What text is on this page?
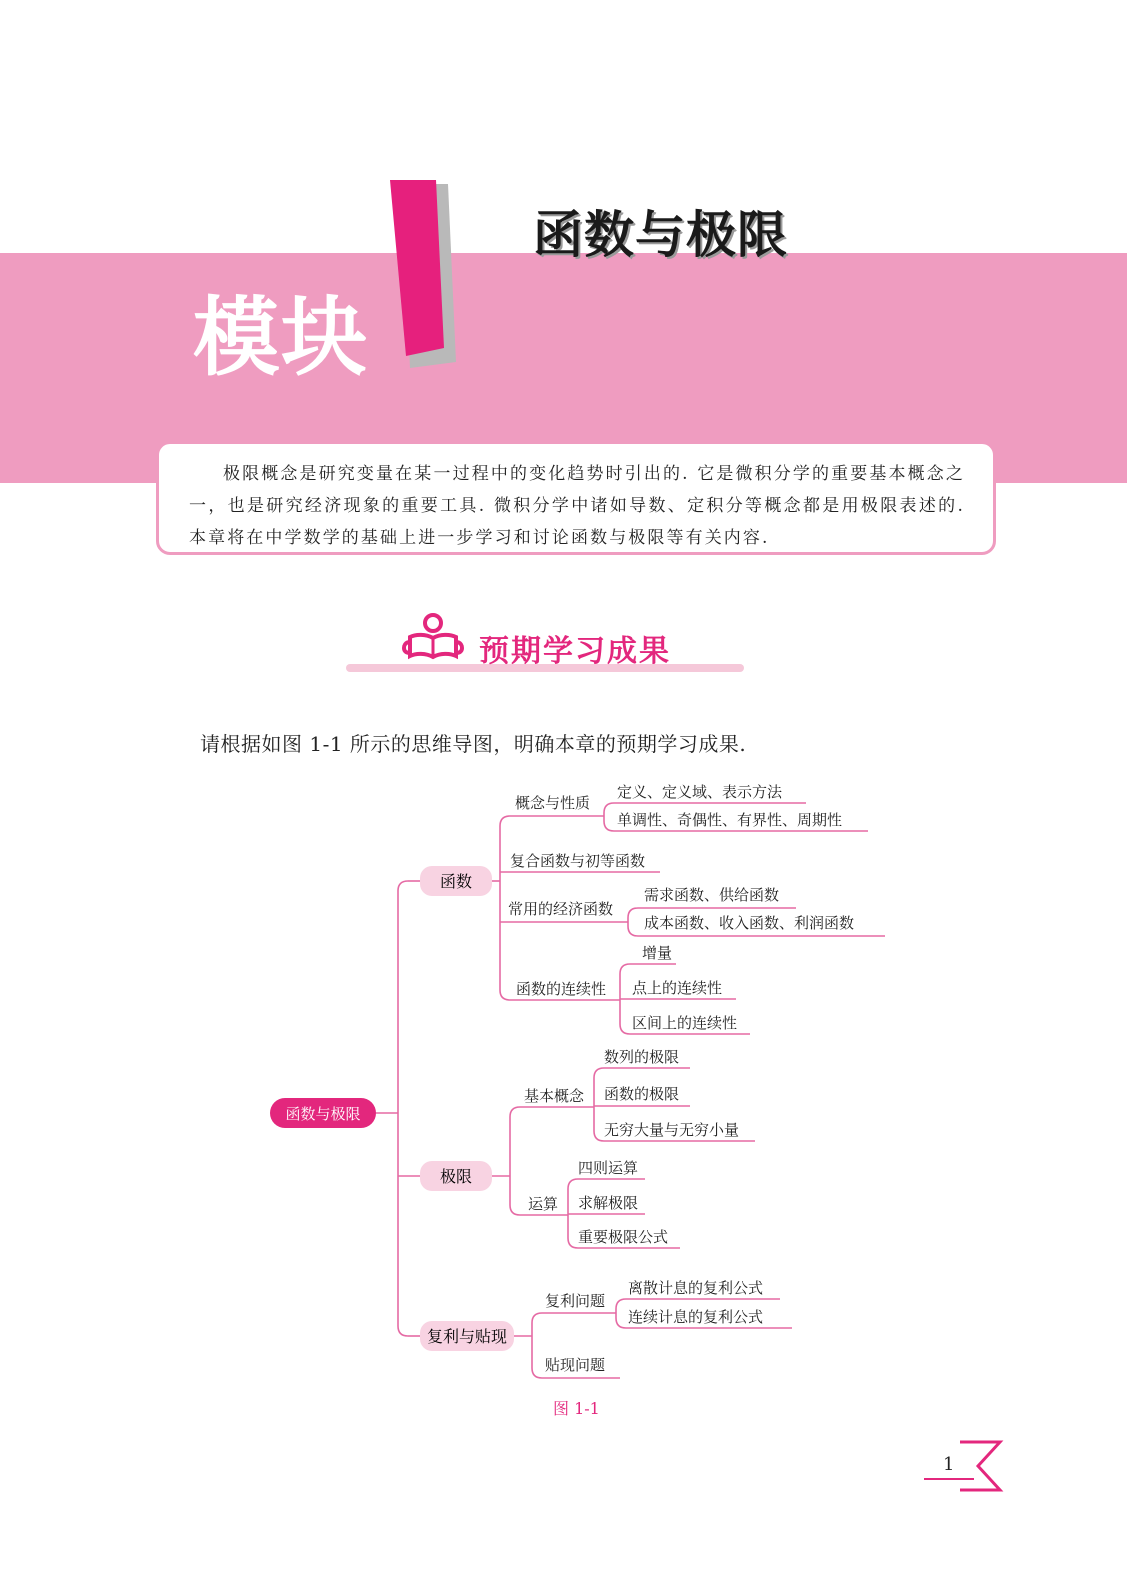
模块	1
函数与极限

极限概念是研究变量在某一过程中的变化趋势时引出的. 它是微积分学的重要基本概念之一，也是研究经济现象的重要工具. 微积分学中诸如导数、定积分等概念都是用极限表述的. 本章将在中学数学的基础上进一步学习和讨论函数与极限等有关内容.

预期学习成果
请根据如图 1-1 所示的思维导图，明确本章的预期学习成果.
函数与极限
函数
极限
复利与贴现
概念与性质
定义、定义域、表示方法
单调性、奇偶性、有界性、周期性
复合函数与初等函数
常用的经济函数
需求函数、供给函数
成本函数、收入函数、利润函数
函数的连续性
增量
点上的连续性
区间上的连续性
基本概念
数列的极限
函数的极限
无穷大量与无穷小量
运算
四则运算
求解极限
重要极限公式
复利问题
离散计息的复利公式
连续计息的复利公式
贴现问题
图 1-1
1
